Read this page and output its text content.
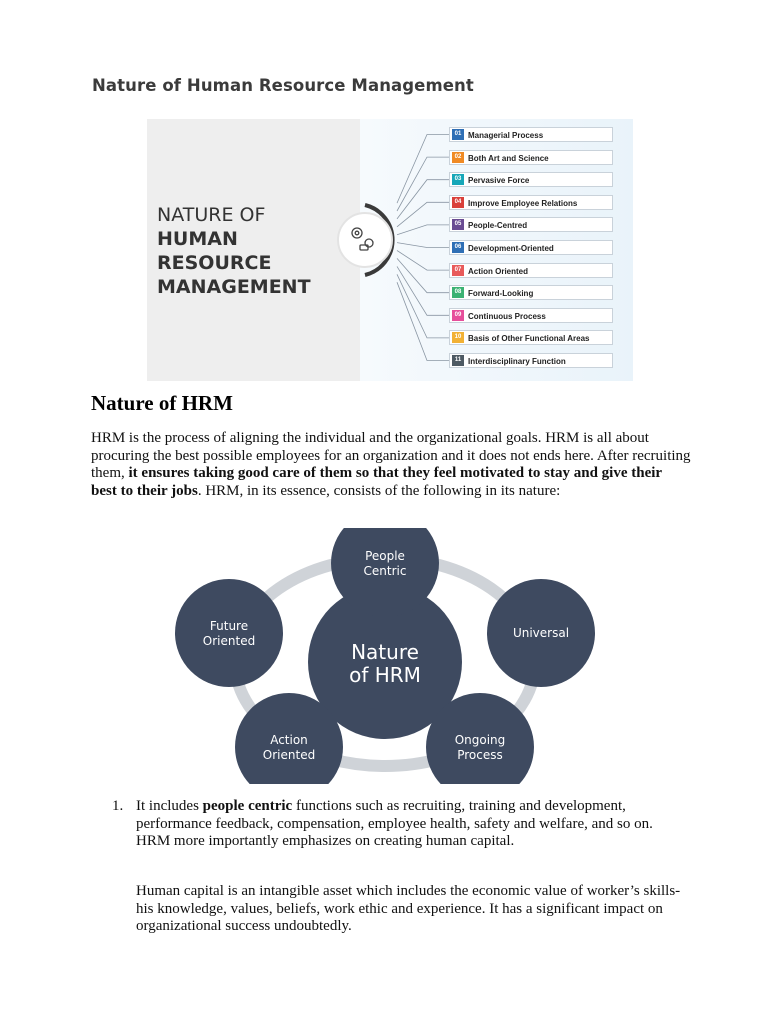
Nature of Human Resource Management
NATURE OF
HUMAN
RESOURCE
MANAGEMENT
01 Managerial Process
02 Both Art and Science
03 Pervasive Force
04 Improve Employee Relations
05 People-Centred
06 Development-Oriented
07 Action Oriented
08 Forward-Looking
09 Continuous Process
10 Basis of Other Functional Areas
11 Interdisciplinary Function
Nature of HRM
HRM is the process of aligning the individual and the organizational goals. HRM is all about procuring the best possible employees for an organization and it does not ends here. After recruiting them, it ensures taking good care of them so that they feel motivated to stay and give their best to their jobs. HRM, in its essence, consists of the following in its nature:
Nature
of HRM
People
Centric
Universal
Ongoing
Process
Action
Oriented
Future
Oriented
1. It includes people centric functions such as recruiting, training and development, performance feedback, compensation, employee health, safety and welfare, and so on. HRM more importantly emphasizes on creating human capital.
Human capital is an intangible asset which includes the economic value of worker’s skills-his knowledge, values, beliefs, work ethic and experience. It has a significant impact on organizational success undoubtedly.
